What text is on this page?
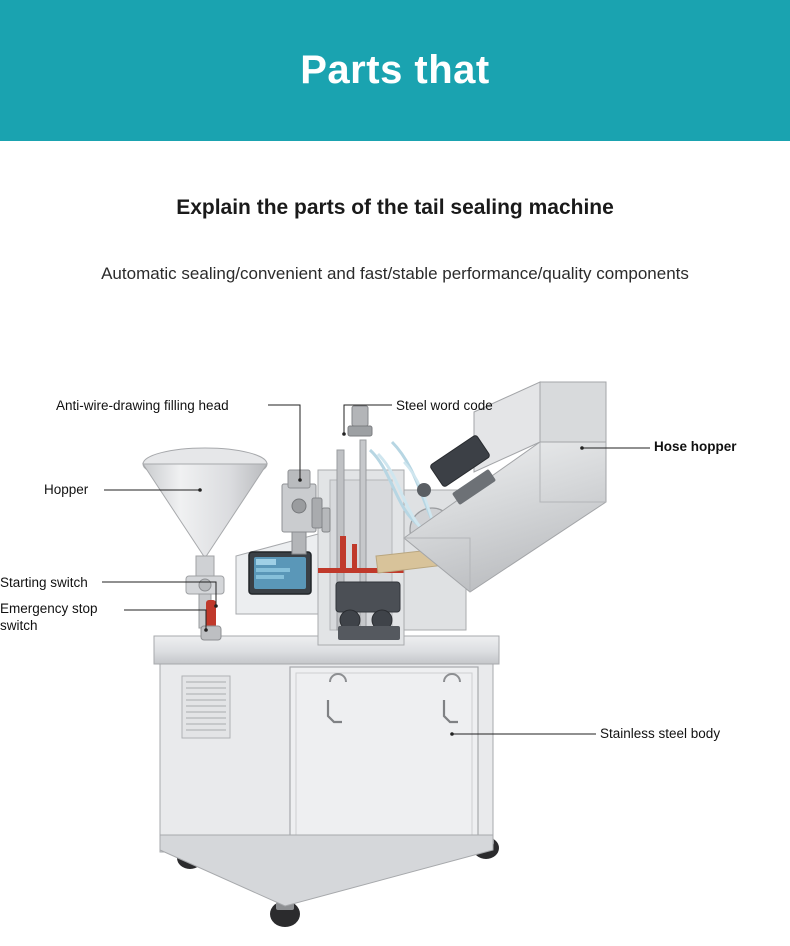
Parts that
Explain the parts of the tail sealing machine
Automatic sealing/convenient and fast/stable performance/quality components
Anti-wire-drawing filling head	Steel word code
Hose hopper
Hopper
Starting switch
Emergency stop switch
Stainless steel body
